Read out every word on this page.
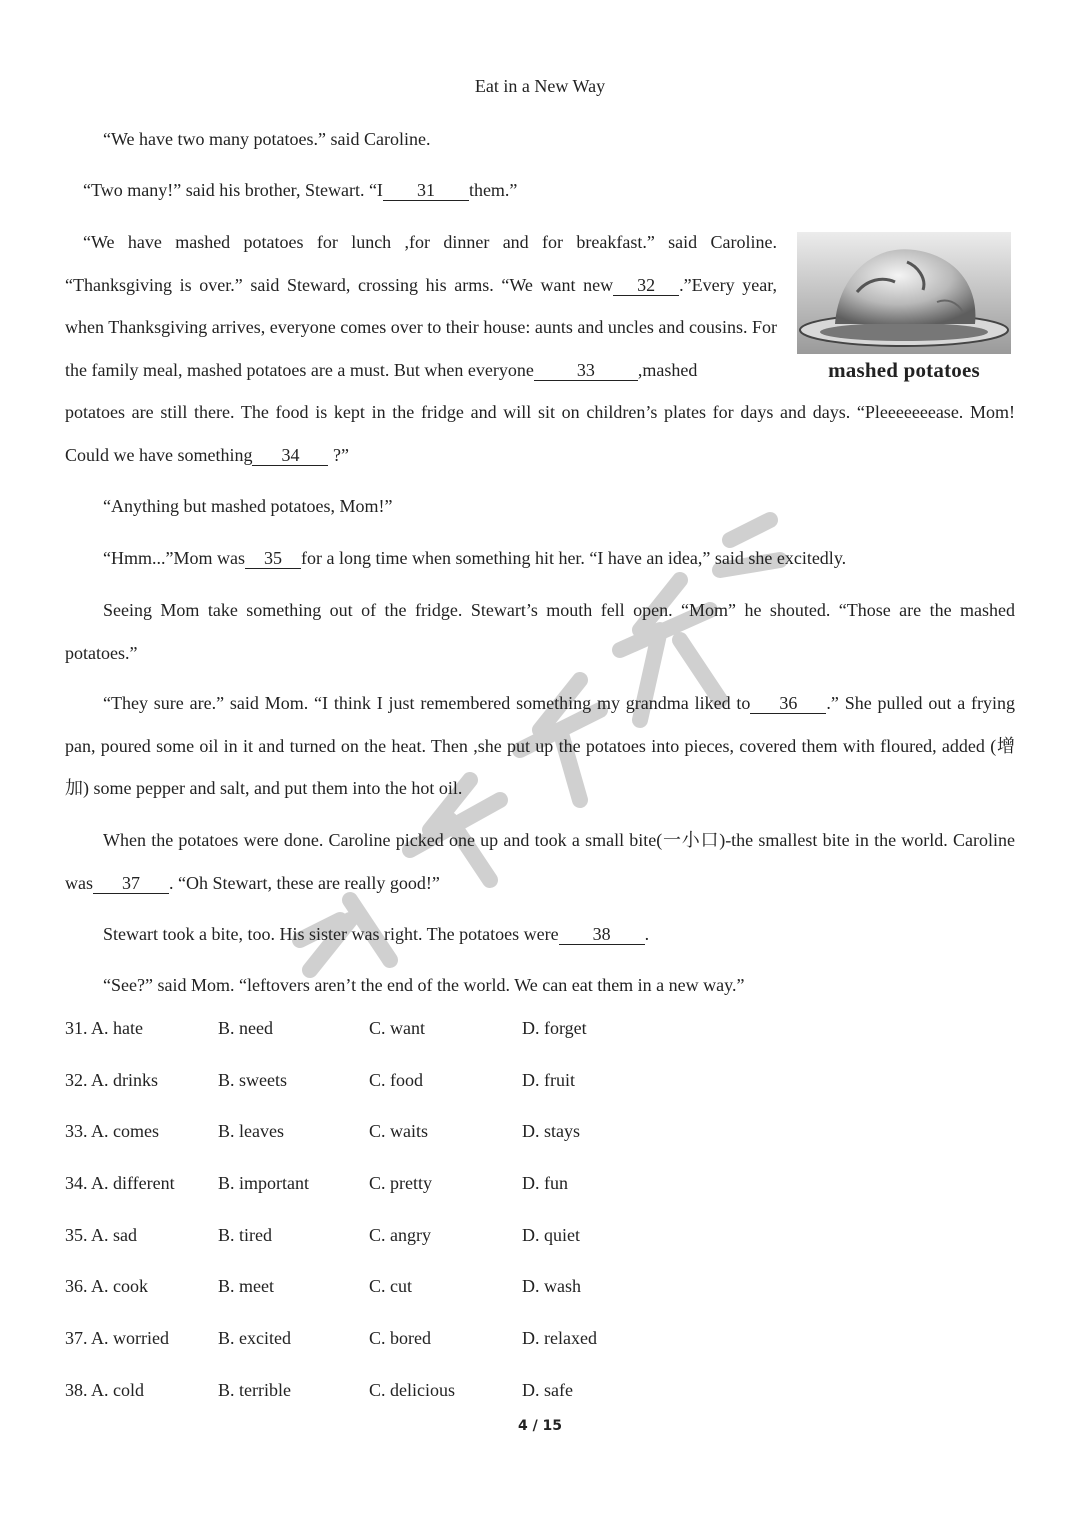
Eat in a New Way

“We have two many potatoes.” said Caroline.

“Two many!” said his brother, Stewart. “I 31 them.”

“We have mashed potatoes for lunch ,for dinner and for breakfast.” said Caroline. “Thanksgiving is over.” said Steward, crossing his arms. “We want new 32 .”Every year, when Thanksgiving arrives, everyone comes over to their house: aunts and uncles and cousins. For the family meal, mashed potatoes are a must. But when everyone 33 ,mashed	mashed potatoes

potatoes are still there. The food is kept in the fridge and will sit on children’s plates for days and days. “Pleeeeeeease. Mom! Could we have something 34 ?”

“Anything but mashed potatoes, Mom!”

“Hmm...”Mom was 35 for a long time when something hit her. “I have an idea,” said she excitedly.

Seeing Mom take something out of the fridge. Stewart’s mouth fell open. “Mom” he shouted. “Those are the mashed potatoes.”

“They sure are.” said Mom. “I think I just remembered something my grandma liked to 36 .” She pulled out a frying pan, poured some oil in it and turned on the heat. Then ,she put up the potatoes into pieces, covered them with floured, added (增加) some pepper and salt, and put them into the hot oil.

When the potatoes were done. Caroline picked one up and took a small bite(一小口)-the smallest bite in the world. Caroline was 37 . “Oh Stewart, these are really good!”

Stewart took a bite, too. His sister was right. The potatoes were 38 .

“See?” said Mom. “leftovers aren’t the end of the world. We can eat them in a new way.”

31. A. hate	B. need	C. want	D. forget
32. A. drinks	B. sweets	C. food	D. fruit
33. A. comes	B. leaves	C. waits	D. stays
34. A. different B. important	C. pretty	D. fun
35. A. sad	B. tired	C. angry	D. quiet
36. A. cook	B. meet	C. cut	D. wash
37. A. worried	B. excited	C. bored	D. relaxed
38. A. cold	B. terrible	C. delicious	D. safe
4 / 15
